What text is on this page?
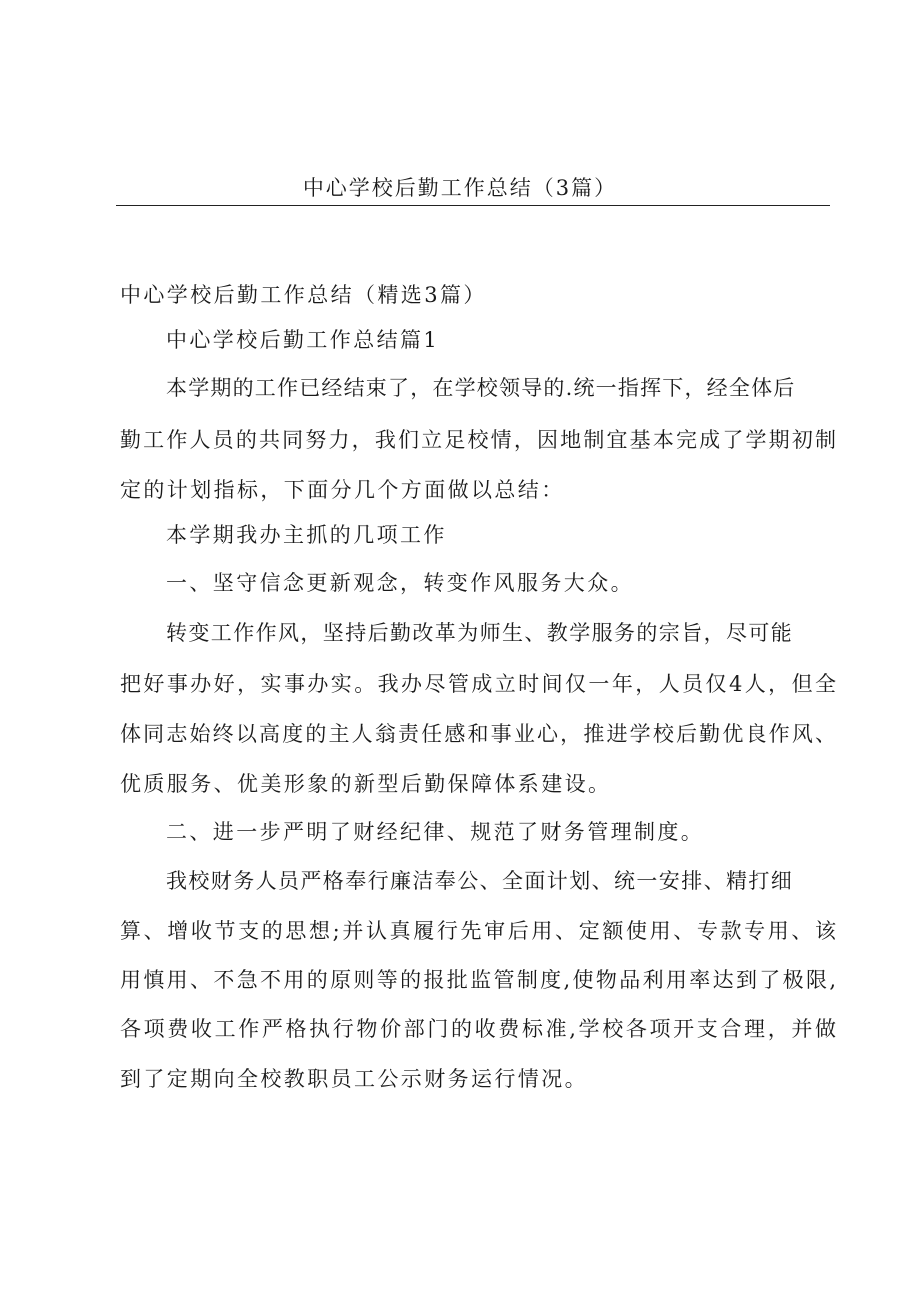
中心学校后勤工作总结（3篇）
中心学校后勤工作总结（精选3篇）
中心学校后勤工作总结篇1
本学期的工作已经结束了，在学校领导的.统一指挥下，经全体后
勤工作人员的共同努力，我们立足校情，因地制宜基本完成了学期初制
定的计划指标，下面分几个方面做以总结：
本学期我办主抓的几项工作
一、坚守信念更新观念，转变作风服务大众。
转变工作作风，坚持后勤改革为师生、教学服务的宗旨，尽可能
把好事办好，实事办实。我办尽管成立时间仅一年，人员仅4人，但全
体同志始终以高度的主人翁责任感和事业心，推进学校后勤优良作风、
优质服务、优美形象的新型后勤保障体系建设。
二、进一步严明了财经纪律、规范了财务管理制度。
我校财务人员严格奉行廉洁奉公、全面计划、统一安排、精打细
算、增收节支的思想;并认真履行先审后用、定额使用、专款专用、该
用慎用、不急不用的原则等的报批监管制度,使物品利用率达到了极限,
各项费收工作严格执行物价部门的收费标准,学校各项开支合理，并做
到了定期向全校教职员工公示财务运行情况。
